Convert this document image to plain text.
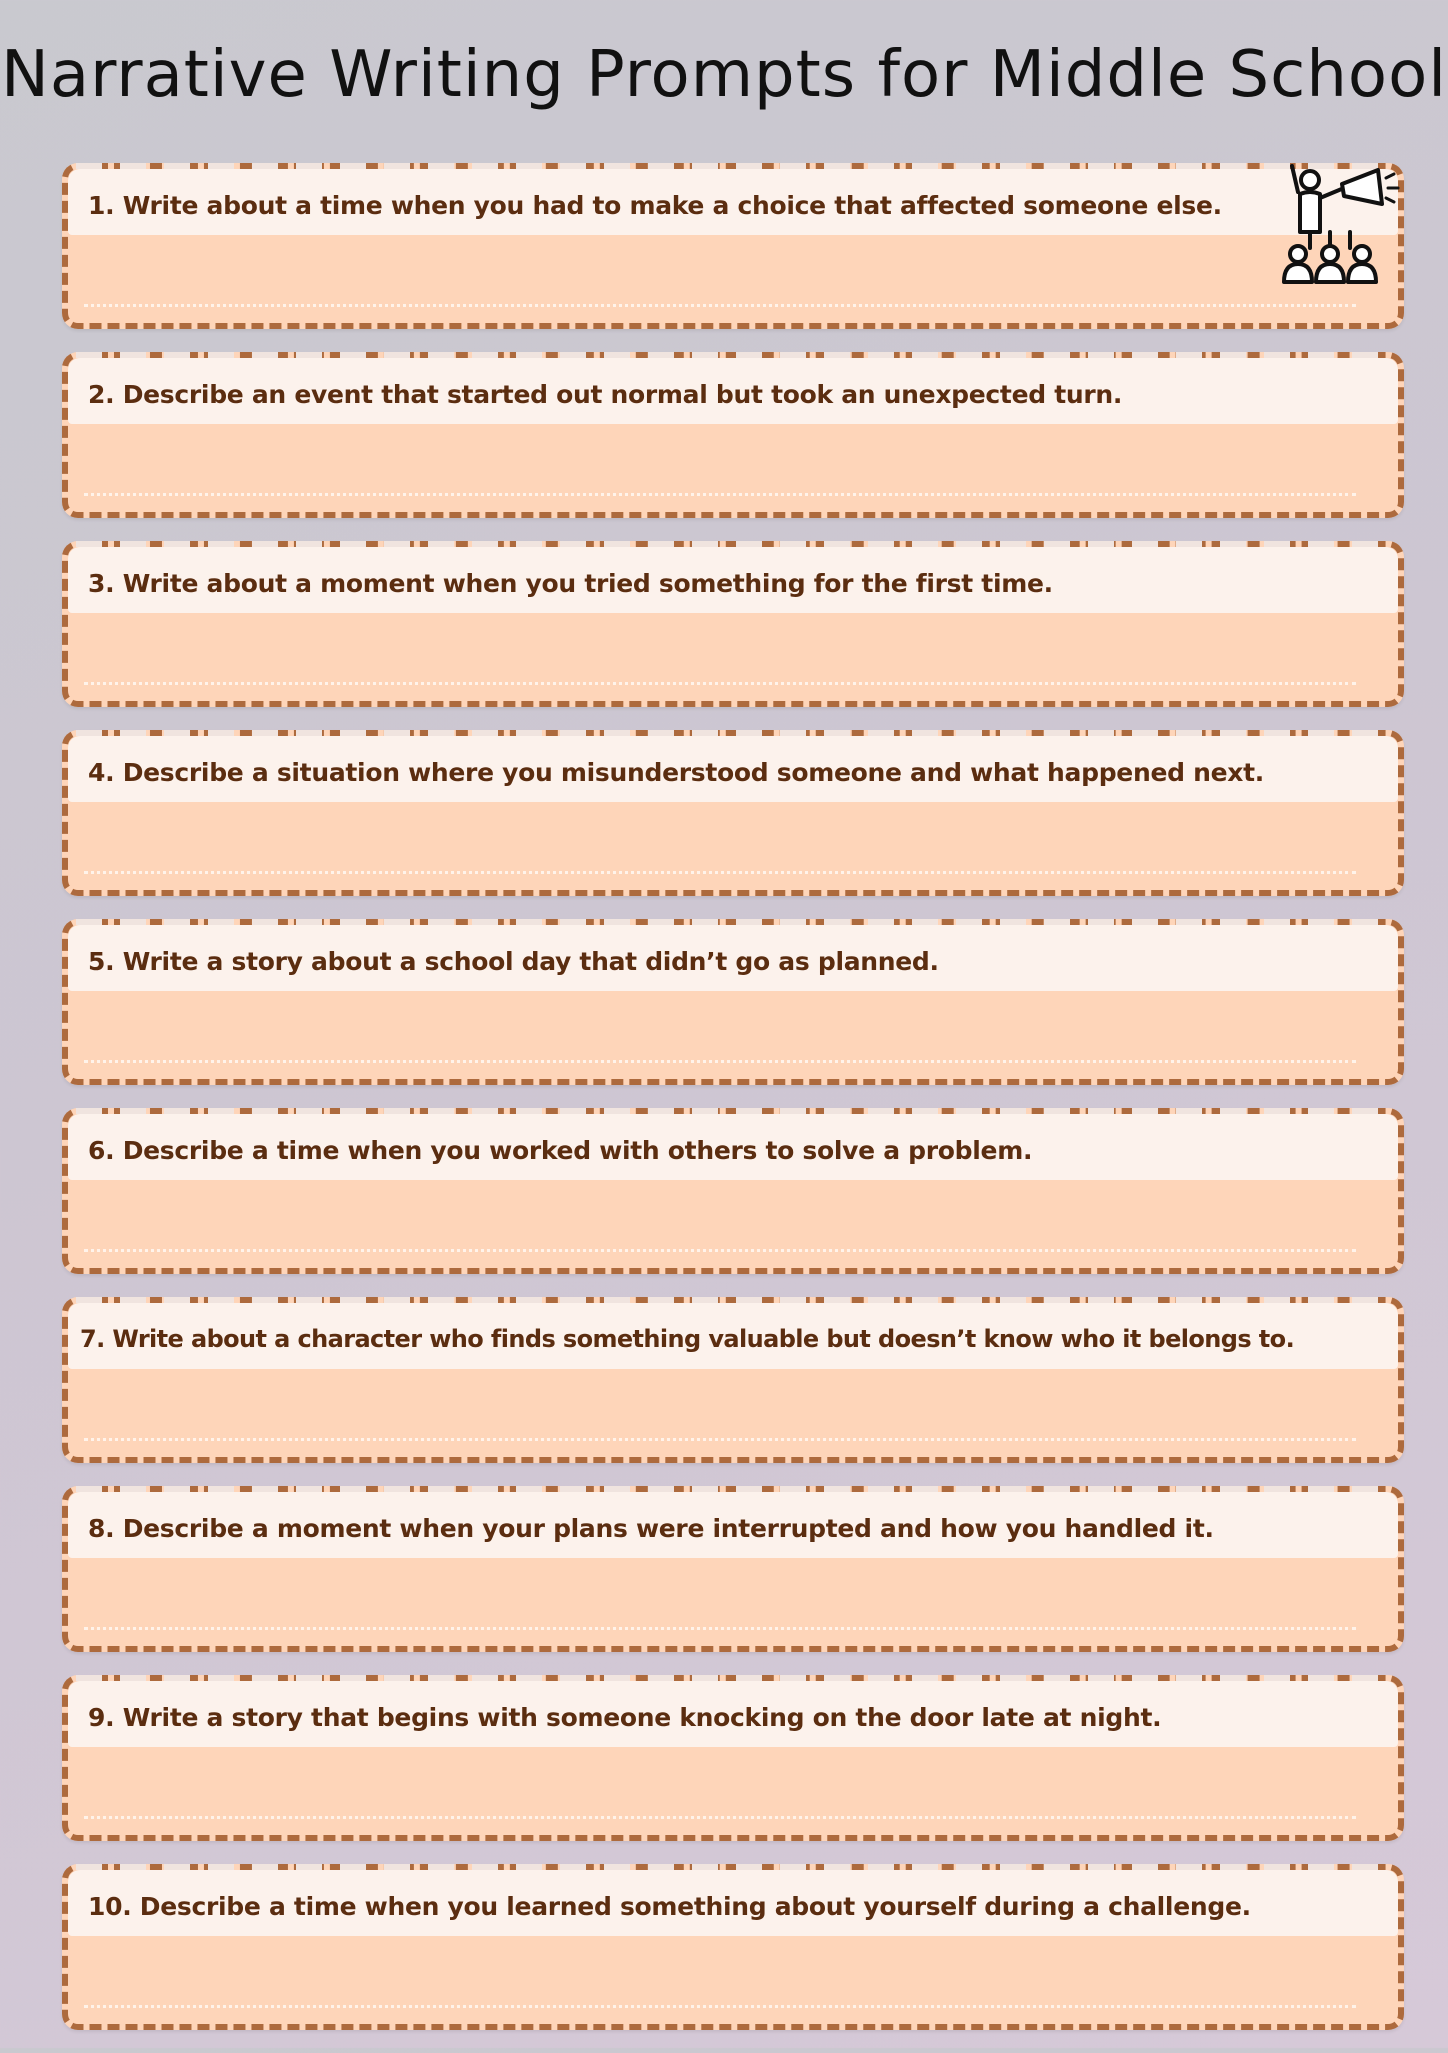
Narrative Writing Prompts for Middle School
1. Write about a time when you had to make a choice that affected someone else.
2. Describe an event that started out normal but took an unexpected turn.
3. Write about a moment when you tried something for the first time.
4. Describe a situation where you misunderstood someone and what happened next.
5. Write a story about a school day that didn’t go as planned.
6. Describe a time when you worked with others to solve a problem.
7. Write about a character who finds something valuable but doesn’t know who it belongs to.
8. Describe a moment when your plans were interrupted and how you handled it.
9. Write a story that begins with someone knocking on the door late at night.
10. Describe a time when you learned something about yourself during a challenge.
